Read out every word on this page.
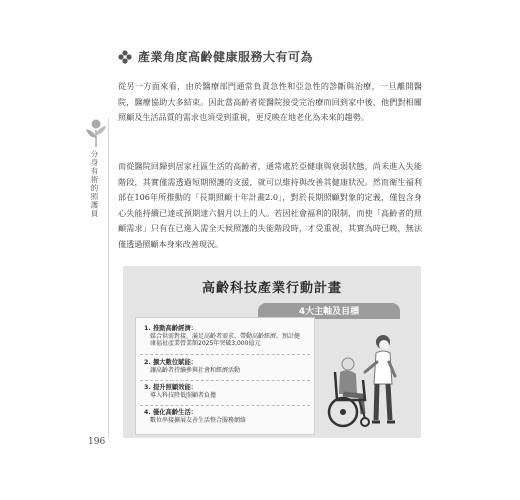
分身有術的照護員
產業角度高齡健康服務大有可為

從另一方面來看，由於醫療部門通常負責急性和亞急性的診斷與治療，一旦離開醫院，醫療協助大多結束。因此當高齡者從醫院接受完治療而回到家中後，他們對相關照顧及生活品質的需求也須受到重視，更反映在地老化為未來的趨勢。

而從醫院回歸到居家社區生活的高齡者，通常處於亞健康與衰弱狀態，尚未進入失能階段，其實僅需透過短期照護的支援，就可以維持與改善其健康狀況。然而衛生福利部在106年所推動的「長期照顧十年計畫2.0」，對於長期照顧對象的定義，僅包含身心失能持續已達或預期達六個月以上的人。若因社會福利的限制，而使「高齡者的照顧需求」只有在已進入需全天候照護的失能階段時，才受重視，其實為時已晚，無法僅透過照顧本身來改善現況。

高齡科技產業行動計畫
4大主軸及目標
1. 推動高齡經濟：
媒合供需對接，滿足高齡者需求、帶動高齡經濟，預計健康福祉產業營業額2025年突破3,000億元
2. 擴大數位賦能：
讓高齡者持續參與社會和經濟活動
3. 提升照顧效能：
導入科技降低照顧者負擔
4. 優化高齡生活：
數位串接擴展友善生活整合服務網絡
196
